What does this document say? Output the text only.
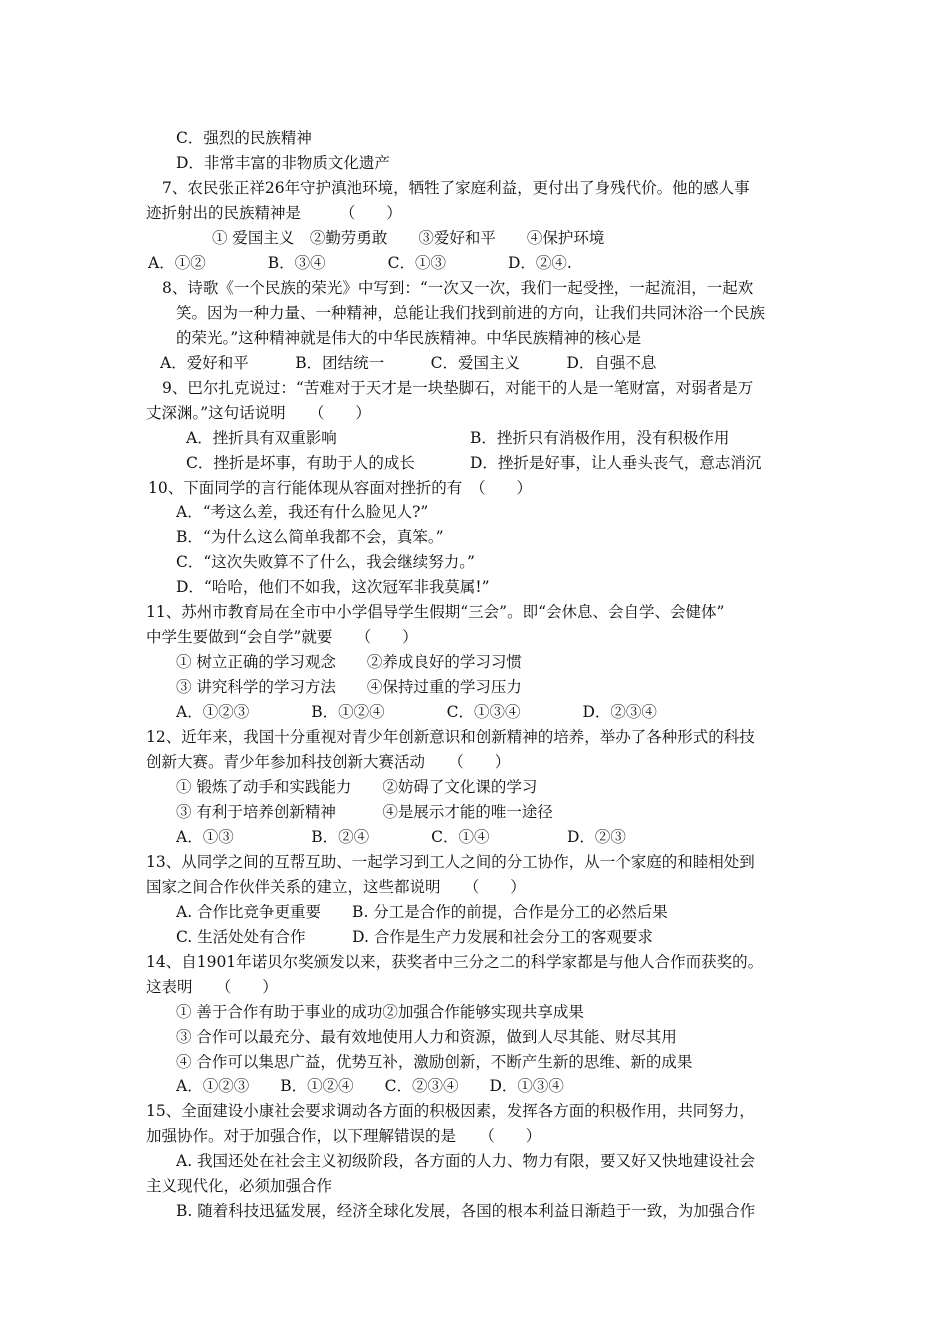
C．强烈的民族精神
D．非常丰富的非物质文化遗产
7、农民张正祥26年守护滇池环境，牺牲了家庭利益，更付出了身残代价。他的感人事
迹折射出的民族精神是　　　（　　）
① 爱国主义　②勤劳勇敢　　③爱好和平　　④保护环境
A．①②　　　　B．③④　　　　C．①③　　　　D．②④.
8、诗歌《一个民族的荣光》中写到：“一次又一次，我们一起受挫，一起流泪，一起欢
笑。因为一种力量、一种精神，总能让我们找到前进的方向，让我们共同沐浴一个民族
的荣光。”这种精神就是伟大的中华民族精神。中华民族精神的核心是
A．爱好和平　　　B．团结统一　　　C．爱国主义　　　D．自强不息
9、巴尔扎克说过：“苦难对于天才是一块垫脚石，对能干的人是一笔财富，对弱者是万
丈深渊。”这句话说明　　（　　）
A．挫折具有双重影响	B．挫折只有消极作用，没有积极作用
C．挫折是坏事，有助于人的成长	D．挫折是好事，让人垂头丧气，意志消沉
10、下面同学的言行能体现从容面对挫折的有　（　　）
A．“考这么差，我还有什么脸见人?”
B．“为什么这么简单我都不会，真笨。”
C．“这次失败算不了什么，我会继续努力。”
D．“哈哈，他们不如我，这次冠军非我莫属!”
11、苏州市教育局在全市中小学倡导学生假期“三会”。即“会休息、会自学、会健体”
中学生要做到“会自学”就要　　（　　）
① 树立正确的学习观念　　②养成良好的学习习惯
③ 讲究科学的学习方法　　④保持过重的学习压力
A．①②③　　　　B．①②④　　　　C．①③④　　　　D．②③④
12、近年来，我国十分重视对青少年创新意识和创新精神的培养，举办了各种形式的科技
创新大赛。青少年参加科技创新大赛活动　　（　　）
① 锻炼了动手和实践能力　　②妨碍了文化课的学习
③ 有利于培养创新精神　　　④是展示才能的唯一途径
A．①③　　　　　B．②④　　　　C．①④　　　　　D．②③
13、从同学之间的互帮互助、一起学习到工人之间的分工协作，从一个家庭的和睦相处到
国家之间合作伙伴关系的建立，这些都说明　　（　　）
A. 合作比竞争更重要　　B. 分工是合作的前提，合作是分工的必然后果
C. 生活处处有合作　　　D. 合作是生产力发展和社会分工的客观要求
14、自1901年诺贝尔奖颁发以来，获奖者中三分之二的科学家都是与他人合作而获奖的。
这表明　　（　　）
① 善于合作有助于事业的成功②加强合作能够实现共享成果
③ 合作可以最充分、最有效地使用人力和资源，做到人尽其能、财尽其用
④ 合作可以集思广益，优势互补，激励创新，不断产生新的思维、新的成果
A．①②③　　B．①②④　　C．②③④　　D．①③④
15、全面建设小康社会要求调动各方面的积极因素，发挥各方面的积极作用，共同努力，
加强协作。对于加强合作，以下理解错误的是　　（　　）
A. 我国还处在社会主义初级阶段，各方面的人力、物力有限，要又好又快地建设社会
主义现代化，必须加强合作
B. 随着科技迅猛发展，经济全球化发展，各国的根本利益日渐趋于一致，为加强合作
